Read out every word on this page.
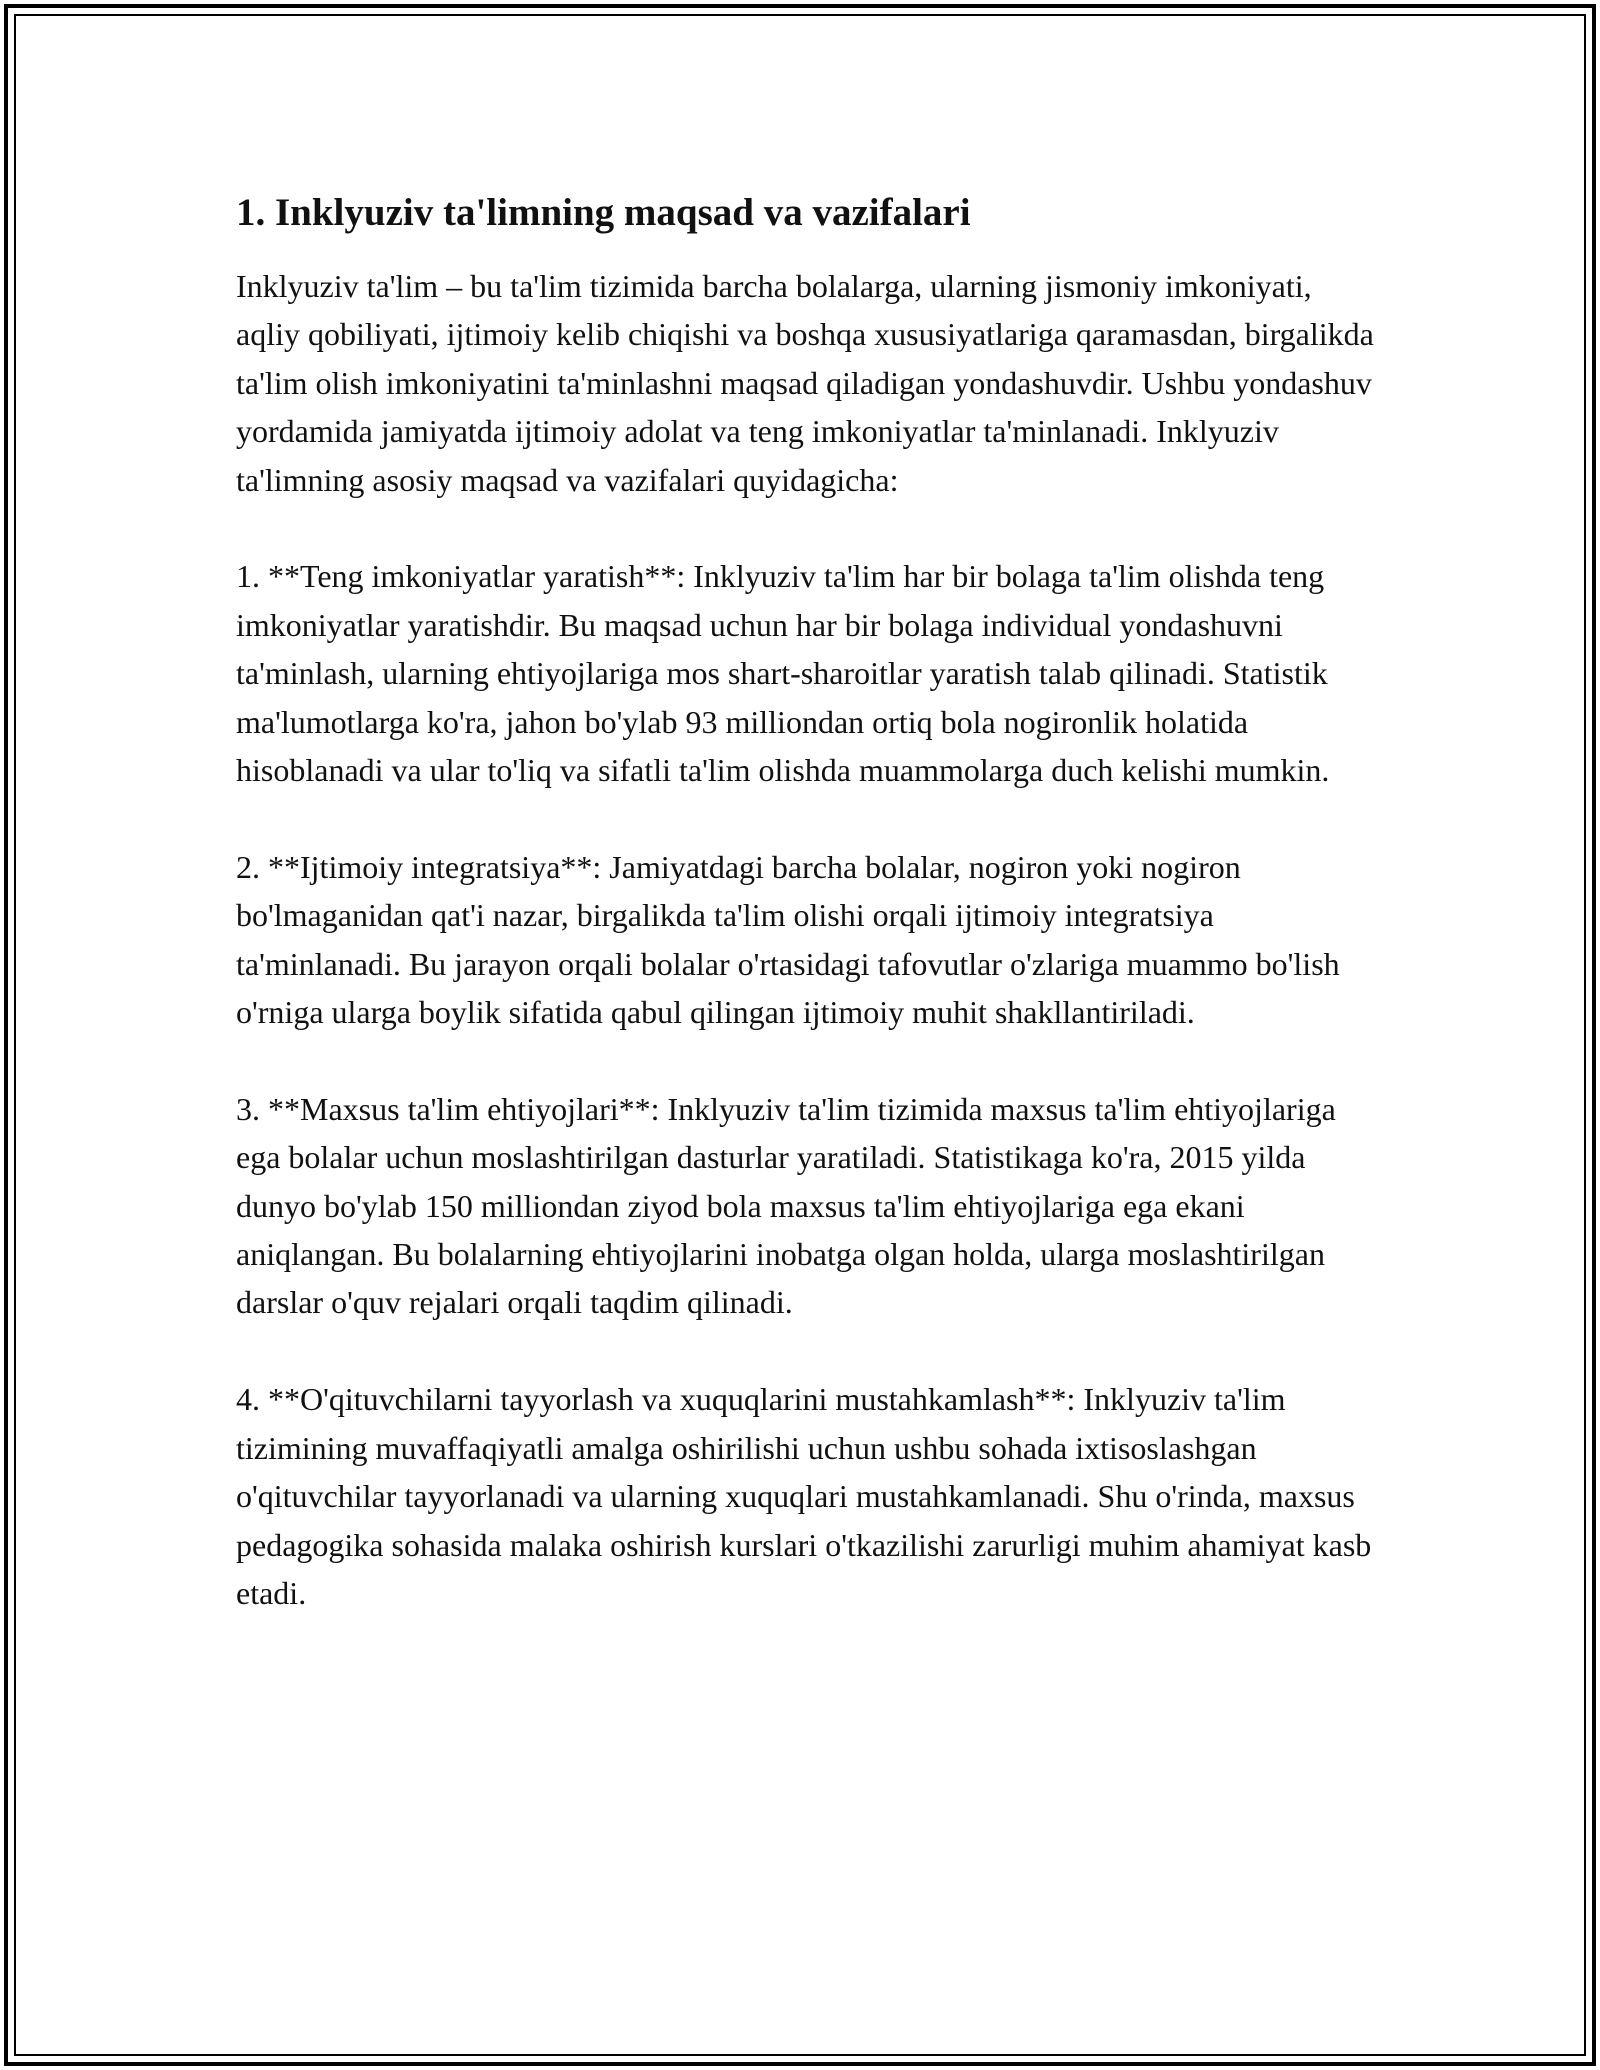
1. Inklyuziv ta'limning maqsad va vazifalari

Inklyuziv ta'lim – bu ta'lim tizimida barcha bolalarga, ularning jismoniy imkoniyati, aqliy qobiliyati, ijtimoiy kelib chiqishi va boshqa xususiyatlariga qaramasdan, birgalikda ta'lim olish imkoniyatini ta'minlashni maqsad qiladigan yondashuvdir. Ushbu yondashuv yordamida jamiyatda ijtimoiy adolat va teng imkoniyatlar ta'minlanadi. Inklyuziv ta'limning asosiy maqsad va vazifalari quyidagicha:

1. **Teng imkoniyatlar yaratish**: Inklyuziv ta'lim har bir bolaga ta'lim olishda teng imkoniyatlar yaratishdir. Bu maqsad uchun har bir bolaga individual yondashuvni ta'minlash, ularning ehtiyojlariga mos shart-sharoitlar yaratish talab qilinadi. Statistik ma'lumotlarga ko'ra, jahon bo'ylab 93 milliondan ortiq bola nogironlik holatida hisoblanadi va ular to'liq va sifatli ta'lim olishda muammolarga duch kelishi mumkin.

2. **Ijtimoiy integratsiya**: Jamiyatdagi barcha bolalar, nogiron yoki nogiron bo'lmaganidan qat'i nazar, birgalikda ta'lim olishi orqali ijtimoiy integratsiya ta'minlanadi. Bu jarayon orqali bolalar o'rtasidagi tafovutlar o'zlariga muammo bo'lish o'rniga ularga boylik sifatida qabul qilingan ijtimoiy muhit shakllantiriladi.

3. **Maxsus ta'lim ehtiyojlari**: Inklyuziv ta'lim tizimida maxsus ta'lim ehtiyojlariga ega bolalar uchun moslashtirilgan dasturlar yaratiladi. Statistikaga ko'ra, 2015 yilda dunyo bo'ylab 150 milliondan ziyod bola maxsus ta'lim ehtiyojlariga ega ekani aniqlangan. Bu bolalarning ehtiyojlarini inobatga olgan holda, ularga moslashtirilgan darslar o'quv rejalari orqali taqdim qilinadi.

4. **O'qituvchilarni tayyorlash va xuquqlarini mustahkamlash**: Inklyuziv ta'lim tizimining muvaffaqiyatli amalga oshirilishi uchun ushbu sohada ixtisoslashgan o'qituvchilar tayyorlanadi va ularning xuquqlari mustahkamlanadi. Shu o'rinda, maxsus pedagogika sohasida malaka oshirish kurslari o'tkazilishi zarurligi muhim ahamiyat kasb etadi.
